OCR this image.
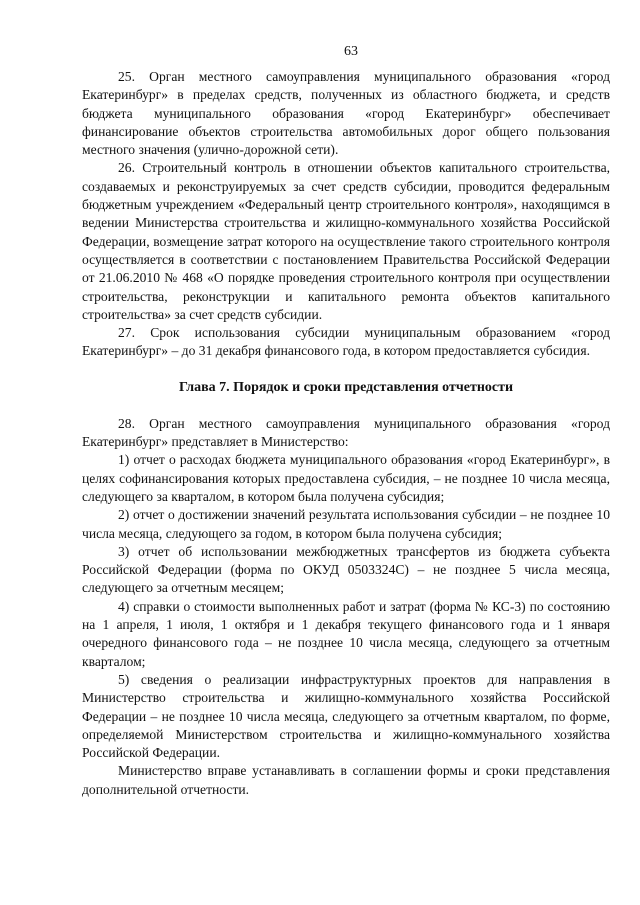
63

25. Орган местного самоуправления муниципального образования «город Екатеринбург» в пределах средств, полученных из областного бюджета, и средств бюджета муниципального образования «город Екатеринбург» обеспечивает финансирование объектов строительства автомобильных дорог общего пользования местного значения (улично-дорожной сети).

26. Строительный контроль в отношении объектов капитального строительства, создаваемых и реконструируемых за счет средств субсидии, проводится федеральным бюджетным учреждением «Федеральный центр строительного контроля», находящимся в ведении Министерства строительства и жилищно-коммунального хозяйства Российской Федерации, возмещение затрат которого на осуществление такого строительного контроля осуществляется в соответствии с постановлением Правительства Российской Федерации от 21.06.2010 № 468 «О порядке проведения строительного контроля при осуществлении строительства, реконструкции и капитального ремонта объектов капитального строительства» за счет средств субсидии.

27. Срок использования субсидии муниципальным образованием «город Екатеринбург» – до 31 декабря финансового года, в котором предоставляется субсидия.

Глава 7. Порядок и сроки представления отчетности

28. Орган местного самоуправления муниципального образования «город Екатеринбург» представляет в Министерство:

1) отчет о расходах бюджета муниципального образования «город Екатеринбург», в целях софинансирования которых предоставлена субсидия, – не позднее 10 числа месяца, следующего за кварталом, в котором была получена субсидия;

2) отчет о достижении значений результата использования субсидии – не позднее 10 числа месяца, следующего за годом, в котором была получена субсидия;

3) отчет об использовании межбюджетных трансфертов из бюджета субъекта Российской Федерации (форма по ОКУД 0503324С) – не позднее 5 числа месяца, следующего за отчетным месяцем;

4) справки о стоимости выполненных работ и затрат (форма № КС-3) по состоянию на 1 апреля, 1 июля, 1 октября и 1 декабря текущего финансового года и 1 января очередного финансового года – не позднее 10 числа месяца, следующего за отчетным кварталом;

5) сведения о реализации инфраструктурных проектов для направления в Министерство строительства и жилищно-коммунального хозяйства Российской Федерации – не позднее 10 числа месяца, следующего за отчетным кварталом, по форме, определяемой Министерством строительства и жилищно-коммунального хозяйства Российской Федерации.

Министерство вправе устанавливать в соглашении формы и сроки представления дополнительной отчетности.
